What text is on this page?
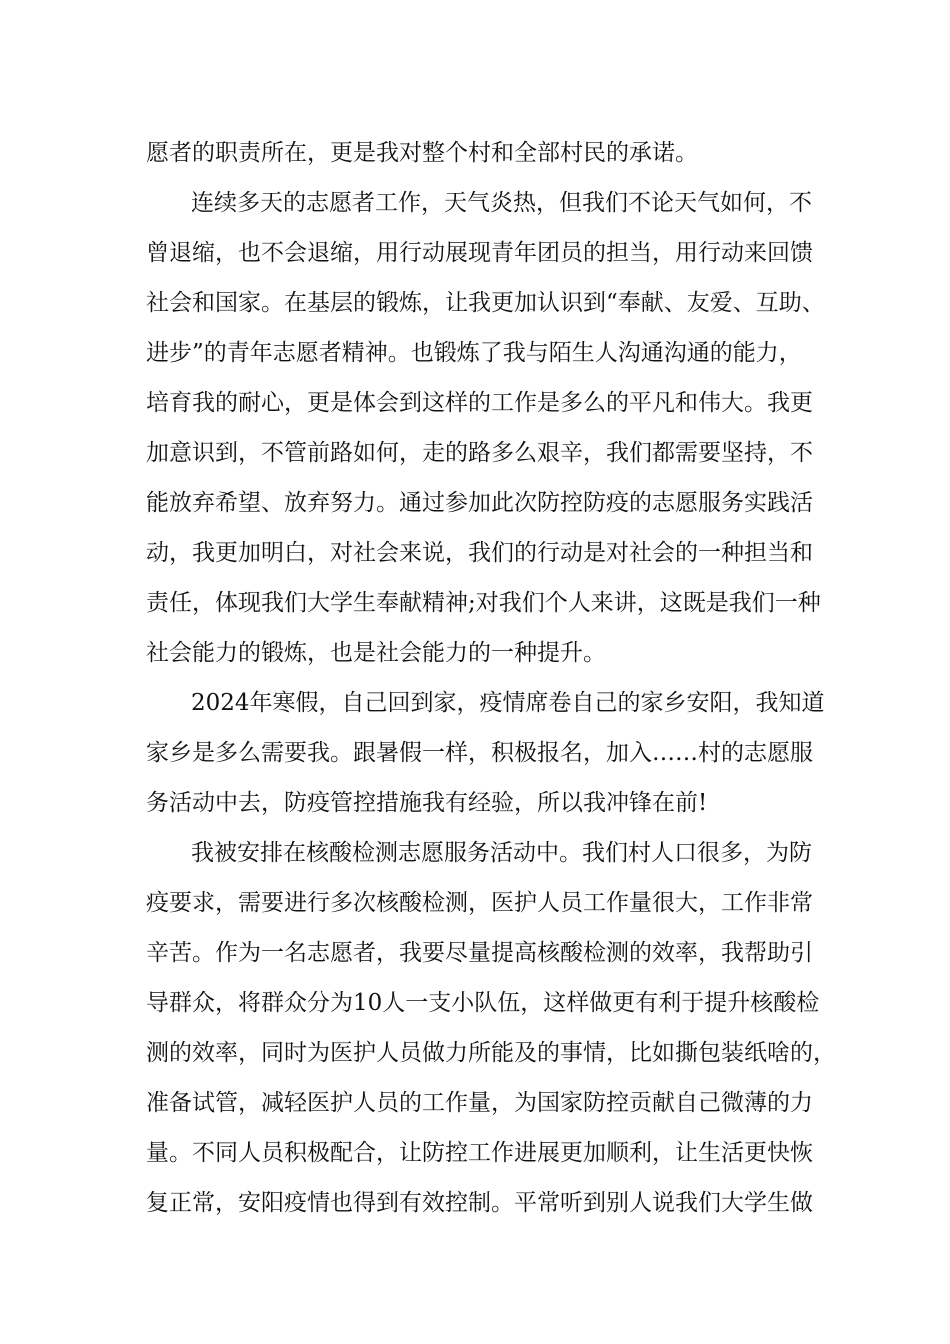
愿者的职责所在，更是我对整个村和全部村民的承诺。
连续多天的志愿者工作，天气炎热，但我们不论天气如何，不
曾退缩，也不会退缩，用行动展现青年团员的担当，用行动来回馈
社会和国家。在基层的锻炼，让我更加认识到“奉献、友爱、互助、
进步”的青年志愿者精神。也锻炼了我与陌生人沟通沟通的能力，
培育我的耐心，更是体会到这样的工作是多么的平凡和伟大。我更
加意识到，不管前路如何，走的路多么艰辛，我们都需要坚持，不
能放弃希望、放弃努力。通过参加此次防控防疫的志愿服务实践活
动，我更加明白，对社会来说，我们的行动是对社会的一种担当和
责任，体现我们大学生奉献精神;对我们个人来讲，这既是我们一种
社会能力的锻炼，也是社会能力的一种提升。
2024年寒假，自己回到家，疫情席卷自己的家乡安阳，我知道
家乡是多么需要我。跟暑假一样，积极报名，加入……村的志愿服
务活动中去，防疫管控措施我有经验，所以我冲锋在前!
我被安排在核酸检测志愿服务活动中。我们村人口很多，为防
疫要求，需要进行多次核酸检测，医护人员工作量很大，工作非常
辛苦。作为一名志愿者，我要尽量提高核酸检测的效率，我帮助引
导群众，将群众分为10人一支小队伍，这样做更有利于提升核酸检
测的效率，同时为医护人员做力所能及的事情，比如撕包装纸啥的，
准备试管，减轻医护人员的工作量，为国家防控贡献自己微薄的力
量。不同人员积极配合，让防控工作进展更加顺利，让生活更快恢
复正常，安阳疫情也得到有效控制。平常听到别人说我们大学生做
